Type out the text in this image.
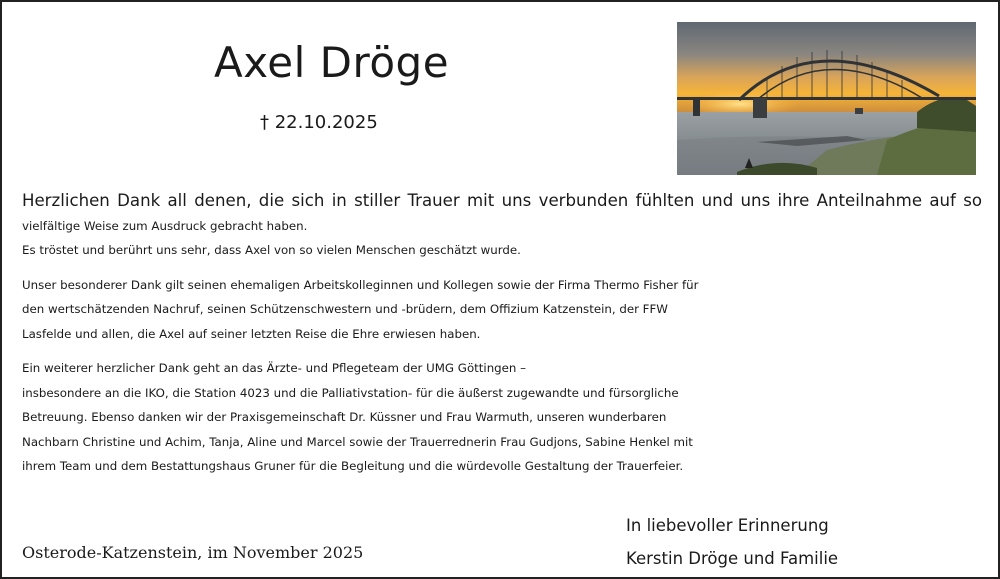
Axel Dröge
† 22.10.2025

Herzlichen Dank all denen, die sich in stiller Trauer mit uns verbunden fühlten und uns ihre Anteilnahme auf so
vielfältige Weise zum Ausdruck gebracht haben.
Es tröstet und berührt uns sehr, dass Axel von so vielen Menschen geschätzt wurde.

Unser besonderer Dank gilt seinen ehemaligen Arbeitskolleginnen und Kollegen sowie der Firma Thermo Fisher für
den wertschätzenden Nachruf, seinen Schützenschwestern und -brüdern, dem Offizium Katzenstein, der FFW
Lasfelde und allen, die Axel auf seiner letzten Reise die Ehre erwiesen haben.

Ein weiterer herzlicher Dank geht an das Ärzte- und Pflegeteam der UMG Göttingen –
insbesondere an die IKO, die Station 4023 und die Palliativstation- für die äußerst zugewandte und fürsorgliche
Betreuung. Ebenso danken wir der Praxisgemeinschaft Dr. Küssner und Frau Warmuth, unseren wunderbaren
Nachbarn Christine und Achim, Tanja, Aline und Marcel sowie der Trauerrednerin Frau Gudjons, Sabine Henkel mit
ihrem Team und dem Bestattungshaus Gruner für die Begleitung und die würdevolle Gestaltung der Trauerfeier.

Osterode-Katzenstein, im November 2025
In liebevoller Erinnerung
Kerstin Dröge und Familie
